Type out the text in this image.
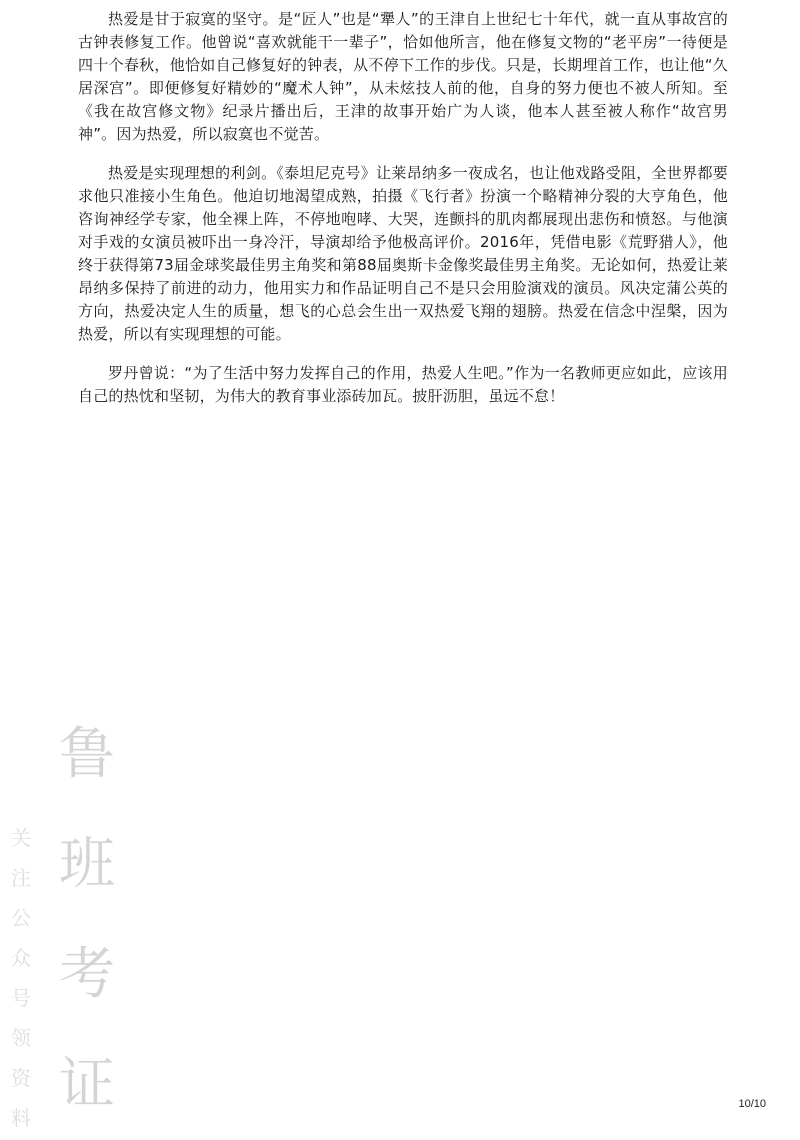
热爱是甘于寂寞的坚守。是“匠人”也是“犟人”的王津自上世纪七十年代，就一直从事故宫的古钟表修复工作。他曾说“喜欢就能干一辈子”，恰如他所言，他在修复文物的“老平房”一待便是四十个春秋，他恰如自己修复好的钟表，从不停下工作的步伐。只是，长期埋首工作，也让他“久居深宫”。即便修复好精妙的“魔术人钟”，从未炫技人前的他，自身的努力便也不被人所知。至《我在故宫修文物》纪录片播出后，王津的故事开始广为人谈，他本人甚至被人称作“故宫男神”。因为热爱，所以寂寞也不觉苦。

热爱是实现理想的利剑。《泰坦尼克号》让莱昂纳多一夜成名，也让他戏路受阻，全世界都要求他只准接小生角色。他迫切地渴望成熟，拍摄《飞行者》扮演一个略精神分裂的大亨角色，他咨询神经学专家，他全裸上阵，不停地咆哮、大哭，连颤抖的肌肉都展现出悲伤和愤怒。与他演对手戏的女演员被吓出一身冷汗，导演却给予他极高评价。2016年，凭借电影《荒野猎人》，他终于获得第73届金球奖最佳男主角奖和第88届奥斯卡金像奖最佳男主角奖。无论如何，热爱让莱昂纳多保持了前进的动力，他用实力和作品证明自己不是只会用脸演戏的演员。风决定蒲公英的方向，热爱决定人生的质量，想飞的心总会生出一双热爱飞翔的翅膀。热爱在信念中涅槃，因为热爱，所以有实现理想的可能。

罗丹曾说：“为了生活中努力发挥自己的作用，热爱人生吧。”作为一名教师更应如此，应该用自己的热忱和坚韧，为伟大的教育事业添砖加瓦。披肝沥胆，虽远不怠！

鲁
班
考
证
关
注
公
众
号
领
资
料
10/10
